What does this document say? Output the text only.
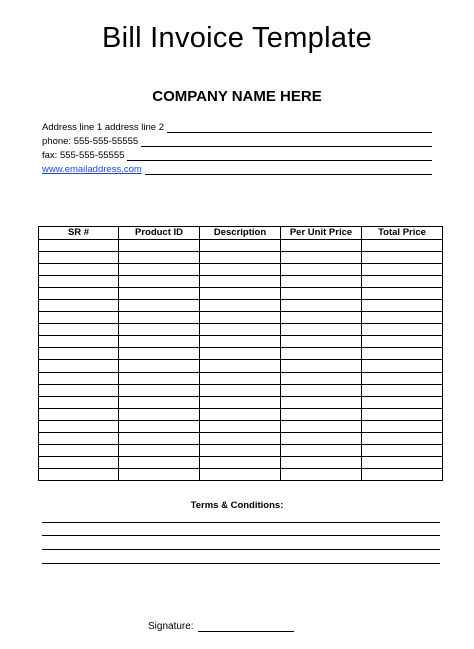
Bill Invoice Template
COMPANY NAME HERE
Address line 1 address line 2
phone: 555-555-55555
fax: 555-555-55555
www.emailaddress.com
SR #	Product ID	Description	Per Unit Price	Total Price

Terms & Conditions:
Signature:
